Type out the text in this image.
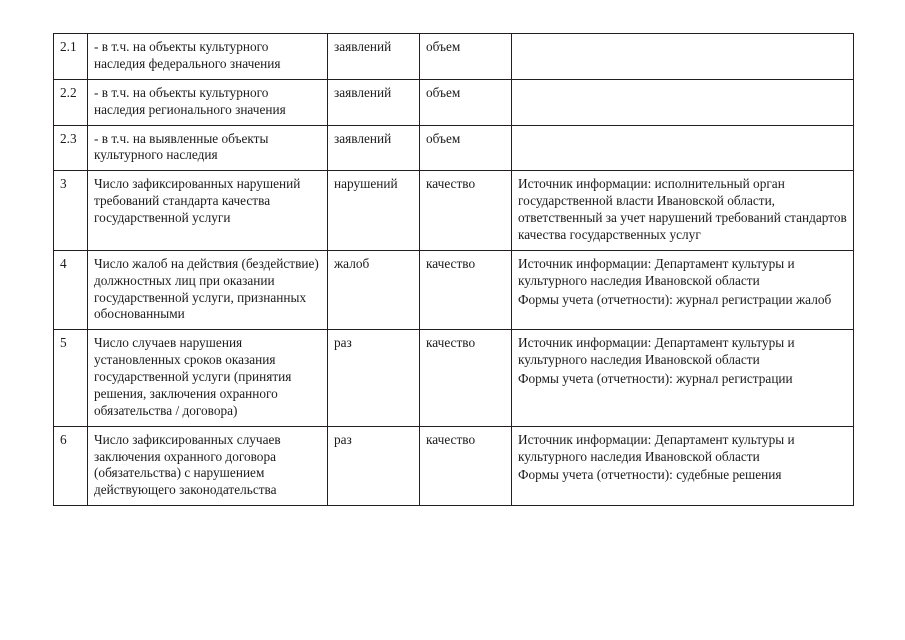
2.1	- в т.ч. на объекты культурного наследия федерального значения	заявлений	объем	

2.2	- в т.ч. на объекты культурного наследия регионального значения	заявлений	объем	

2.3	- в т.ч. на выявленные объекты культурного наследия	заявлений	объем	

3	Число зафиксированных нарушений требований стандарта качества государственной услуги	нарушений	качество	Источник информации: исполнительный орган государственной власти Ивановской области, ответственный за учет нарушений требований стандартов качества государственных услуг

4	Число жалоб на действия (бездействие) должностных лиц при оказании государственной услуги, признанных обоснованными	жалоб	качество	Источник информации: Департамент культуры и культурного наследия Ивановской области
Формы учета (отчетности): журнал регистрации жалоб

5	Число случаев нарушения установленных сроков оказания государственной услуги (принятия решения, заключения охранного обязательства / договора)	раз	качество	Источник информации: Департамент культуры и культурного наследия Ивановской области
Формы учета (отчетности): журнал регистрации

6	Число зафиксированных случаев заключения охранного договора (обязательства) с нарушением действующего законодательства	раз	качество	Источник информации: Департамент культуры и культурного наследия Ивановской области
Формы учета (отчетности): судебные решения
